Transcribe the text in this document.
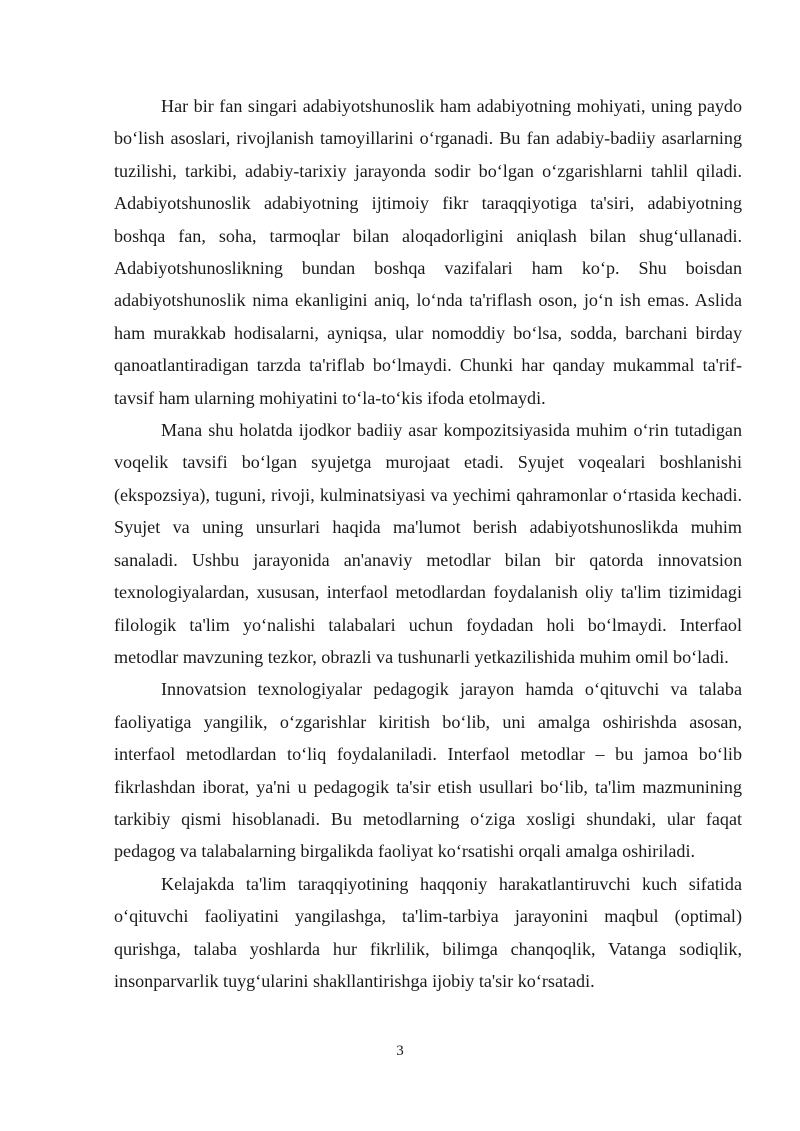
Har bir fan singari adabiyotshunoslik ham adabiyotning mohiyati, uning paydo bo‘lish asoslari, rivojlanish tamoyillarini o‘rganadi. Bu fan adabiy-badiiy asarlarning tuzilishi, tarkibi, adabiy-tarixiy jarayonda sodir bo‘lgan o‘zgarishlarni tahlil qiladi. Adabiyotshunoslik adabiyotning ijtimoiy fikr taraqqiyotiga ta'siri, adabiyotning boshqa fan, soha, tarmoqlar bilan aloqadorligini aniqlash bilan shug‘ullanadi. Adabiyotshunoslikning bundan boshqa vazifalari ham ko‘p. Shu boisdan adabiyotshunoslik nima ekanligini aniq, lo‘nda ta'riflash oson, jo‘n ish emas. Aslida ham murakkab hodisalarni, ayniqsa, ular nomoddiy bo‘lsa, sodda, barchani birday qanoatlantiradigan tarzda ta'riflab bo‘lmaydi. Chunki har qanday mukammal ta'rif-tavsif ham ularning mohiyatini to‘la-to‘kis ifoda etolmaydi.

Mana shu holatda ijodkor badiiy asar kompozitsiyasida muhim o‘rin tutadigan voqelik tavsifi bo‘lgan syujetga murojaat etadi. Syujet voqealari boshlanishi (ekspozsiya), tuguni, rivoji, kulminatsiyasi va yechimi qahramonlar o‘rtasida kechadi. Syujet va uning unsurlari haqida ma'lumot berish adabiyotshunoslikda muhim sanaladi. Ushbu jarayonida an'anaviy metodlar bilan bir qatorda innovatsion texnologiyalardan, xususan, interfaol metodlardan foydalanish oliy ta'lim tizimidagi filologik ta'lim yo‘nalishi talabalari uchun foydadan holi bo‘lmaydi. Interfaol metodlar mavzuning tezkor, obrazli va tushunarli yetkazilishida muhim omil bo‘ladi.

Innovatsion texnologiyalar pedagogik jarayon hamda o‘qituvchi va talaba faoliyatiga yangilik, o‘zgarishlar kiritish bo‘lib, uni amalga oshirishda asosan, interfaol metodlardan to‘liq foydalaniladi. Interfaol metodlar – bu jamoa bo‘lib fikrlashdan iborat, ya'ni u pedagogik ta'sir etish usullari bo‘lib, ta'lim mazmunining tarkibiy qismi hisoblanadi. Bu metodlarning o‘ziga xosligi shundaki, ular faqat pedagog va talabalarning birgalikda faoliyat ko‘rsatishi orqali amalga oshiriladi.

Kelajakda ta'lim taraqqiyotining haqqoniy harakatlantiruvchi kuch sifatida o‘qituvchi faoliyatini yangilashga, ta'lim-tarbiya jarayonini maqbul (optimal) qurishga, talaba yoshlarda hur fikrlilik, bilimga chanqoqlik, Vatanga sodiqlik, insonparvarlik tuyg‘ularini shakllantirishga ijobiy ta'sir ko‘rsatadi.

3
